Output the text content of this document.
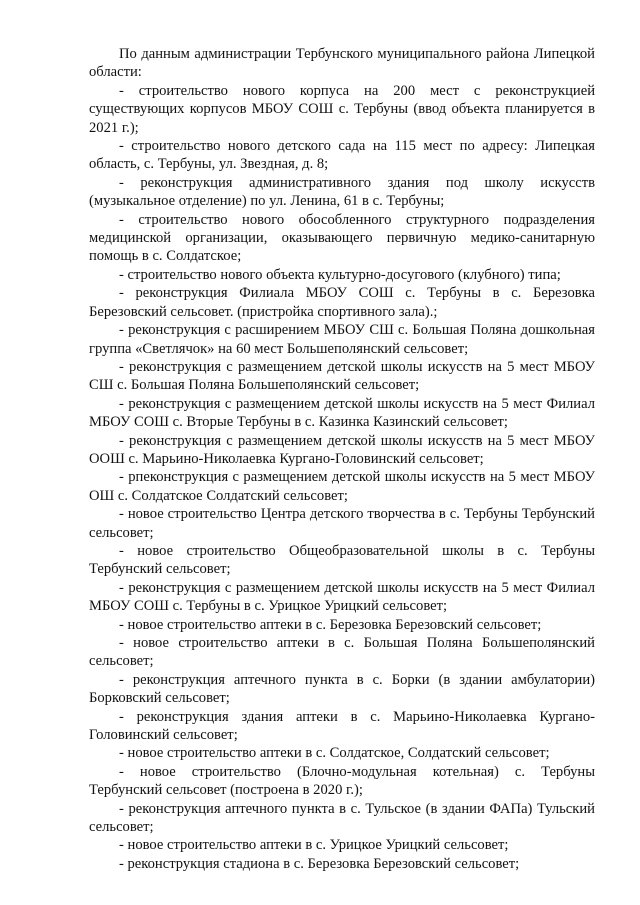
По данным администрации Тербунского муниципального района Липецкой области:

- строительство нового корпуса на 200 мест с реконструкцией существующих корпусов МБОУ СОШ с. Тербуны (ввод объекта планируется в 2021 г.);

- строительство нового детского сада на 115 мест по адресу: Липецкая область, с. Тербуны, ул. Звездная, д. 8;

- реконструкция административного здания под школу искусств (музыкальное отделение) по ул. Ленина, 61 в с. Тербуны;

- строительство нового обособленного структурного подразделения медицинской организации, оказывающего первичную медико-санитарную помощь в с. Солдатское;

- строительство нового объекта культурно-досугового (клубного) типа;

- реконструкция Филиала МБОУ СОШ с. Тербуны в с. Березовка Березовский сельсовет. (пристройка спортивного зала).;

- реконструкция с расширением МБОУ СШ с. Большая Поляна дошкольная группа «Светлячок» на 60 мест Большеполянский сельсовет;

- реконструкция с размещением детской школы искусств на 5 мест МБОУ СШ с. Большая Поляна Большеполянский сельсовет;

- реконструкция с размещением детской школы искусств на 5 мест Филиал МБОУ СОШ с. Вторые Тербуны в с. Казинка Казинский сельсовет;

- реконструкция с размещением детской школы искусств на 5 мест МБОУ ООШ с. Марьино-Николаевка Кургано-Головинский сельсовет;

- рпеконструкция с размещением детской школы искусств на 5 мест МБОУ ОШ с. Солдатское Солдатский сельсовет;

- новое строительство Центра детского творчества в с. Тербуны Тербунский сельсовет;

- новое строительство Общеобразовательной школы в с. Тербуны Тербунский сельсовет;

- реконструкция с размещением детской школы искусств на 5 мест Филиал МБОУ СОШ с. Тербуны в с. Урицкое Урицкий сельсовет;

- новое строительство аптеки в с. Березовка Березовский сельсовет;

- новое строительство аптеки в с. Большая Поляна Большеполянский сельсовет;

- реконструкция аптечного пункта в с. Борки (в здании амбулатории) Борковский сельсовет;

- реконструкция здания аптеки в с. Марьино-Николаевка Кургано-Головинский сельсовет;

- новое строительство аптеки в с. Солдатское, Солдатский сельсовет;

- новое строительство (Блочно-модульная котельная) с. Тербуны Тербунский сельсовет (построена в 2020 г.);

- реконструкция аптечного пункта в с. Тульское (в здании ФАПа) Тульский сельсовет;

- новое строительство аптеки в с. Урицкое Урицкий сельсовет;

- реконструкция стадиона в с. Березовка Березовский сельсовет;
